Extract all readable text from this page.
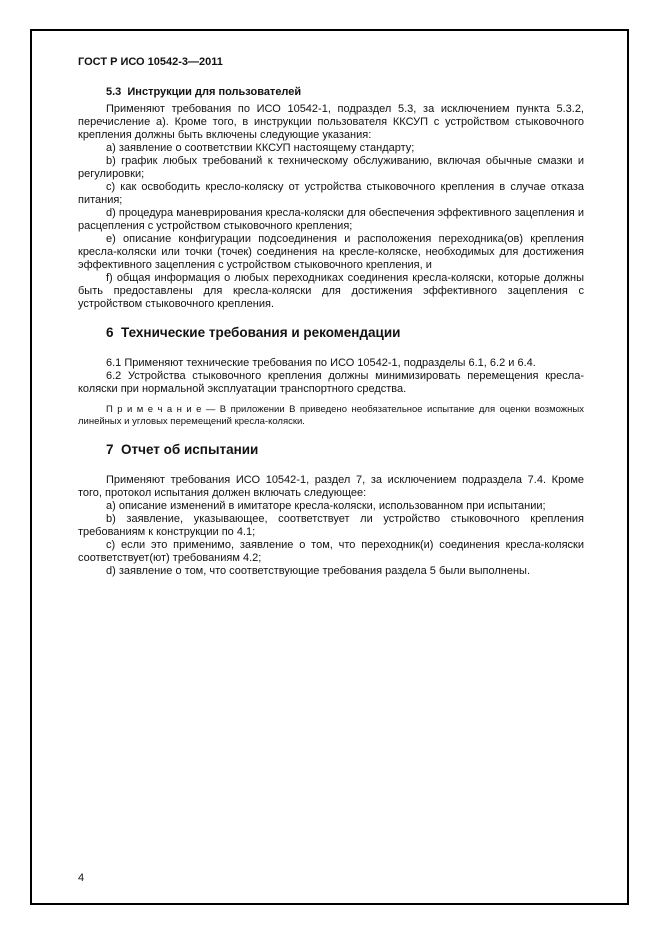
ГОСТ Р ИСО 10542-3—2011

5.3  Инструкции для пользователей

Применяют требования по ИСО 10542-1, подраздел 5.3, за исключением пункта 5.3.2, перечисление а). Кроме того, в инструкции пользователя ККСУП с устройством стыковочного крепления должны быть включены следующие указания:

a) заявление о соответствии ККСУП настоящему стандарту;

b) график любых требований к техническому обслуживанию, включая обычные смазки и регулировки;

c) как освободить кресло-коляску от устройства стыковочного крепления в случае отказа питания;

d) процедура маневрирования кресла-коляски для обеспечения эффективного зацепления и расцепления с устройством стыковочного крепления;

e) описание конфигурации подсоединения и расположения переходника(ов) крепления кресла-коляски или точки (точек) соединения на кресле-коляске, необходимых для достижения эффективного зацепления с устройством стыковочного крепления, и

f) общая информация о любых переходниках соединения кресла-коляски, которые должны быть предоставлены для кресла-коляски для достижения эффективного зацепления с устройством стыковочного крепления.

6  Технические требования и рекомендации

6.1 Применяют технические требования по ИСО 10542-1, подразделы 6.1, 6.2 и 6.4.

6.2 Устройства стыковочного крепления должны минимизировать перемещения кресла-коляски при нормальной эксплуатации транспортного средства.

П р и м е ч а н и е — В приложении В приведено необязательное испытание для оценки возможных линейных и угловых перемещений кресла-коляски.

7  Отчет об испытании

Применяют требования ИСО 10542-1, раздел 7, за исключением подраздела 7.4. Кроме того, протокол испытания должен включать следующее:

a) описание изменений в имитаторе кресла-коляски, использованном при испытании;

b) заявление, указывающее, соответствует ли устройство стыковочного крепления требованиям к конструкции по 4.1;

c) если это применимо, заявление о том, что переходник(и) соединения кресла-коляски соответствует(ют) требованиям 4.2;

d) заявление о том, что соответствующие требования раздела 5 были выполнены.

4
